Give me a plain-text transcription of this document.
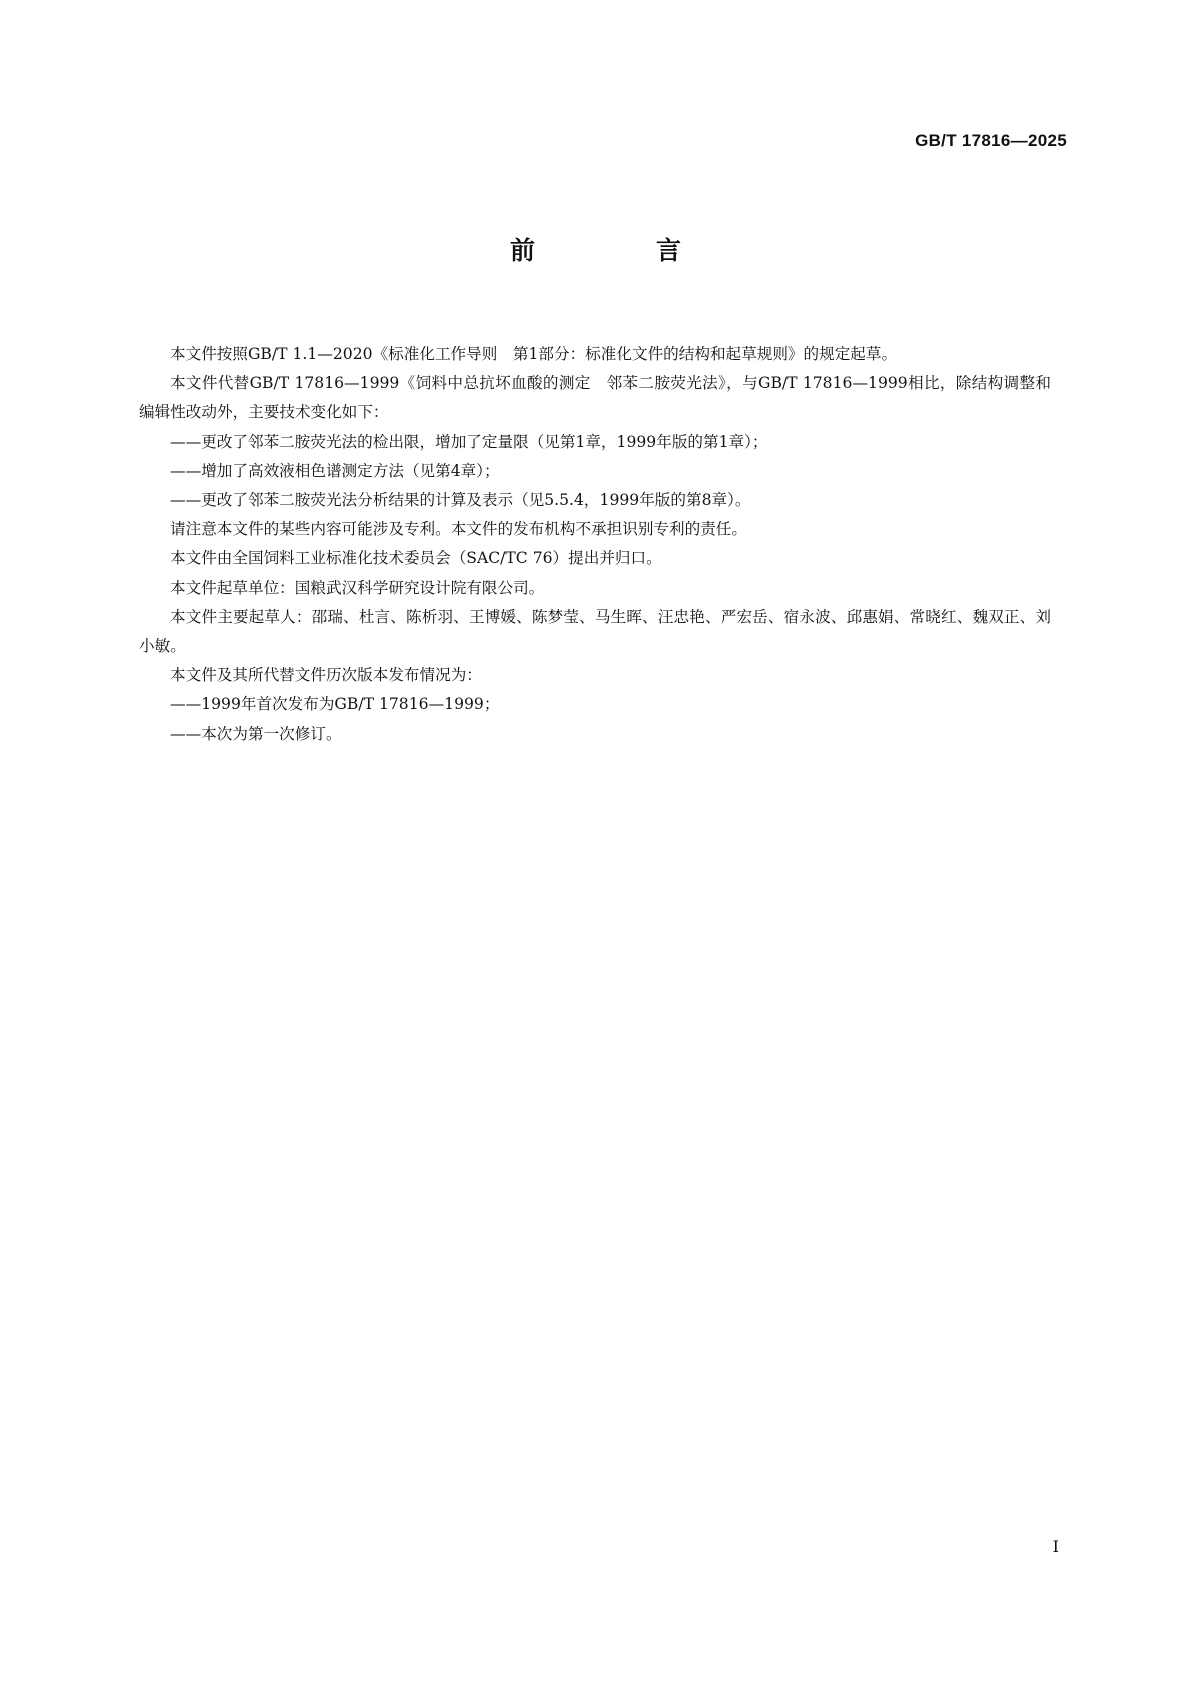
GB/T 17816—2025
前　言

本文件按照GB/T 1.1—2020《标准化工作导则　第1部分：标准化文件的结构和起草规则》的规定起草。

本文件代替GB/T 17816—1999《饲料中总抗坏血酸的测定　邻苯二胺荧光法》，与GB/T 17816—1999相比，除结构调整和编辑性改动外，主要技术变化如下：

——更改了邻苯二胺荧光法的检出限，增加了定量限（见第1章，1999年版的第1章）；

——增加了高效液相色谱测定方法（见第4章）；

——更改了邻苯二胺荧光法分析结果的计算及表示（见5.5.4，1999年版的第8章）。

请注意本文件的某些内容可能涉及专利。本文件的发布机构不承担识别专利的责任。

本文件由全国饲料工业标准化技术委员会（SAC/TC 76）提出并归口。

本文件起草单位：国粮武汉科学研究设计院有限公司。

本文件主要起草人：邵瑞、杜言、陈析羽、王博媛、陈梦莹、马生晖、汪忠艳、严宏岳、宿永波、邱惠娟、常晓红、魏双正、刘小敏。

本文件及其所代替文件历次版本发布情况为：

——1999年首次发布为GB/T 17816—1999；

——本次为第一次修订。

I
